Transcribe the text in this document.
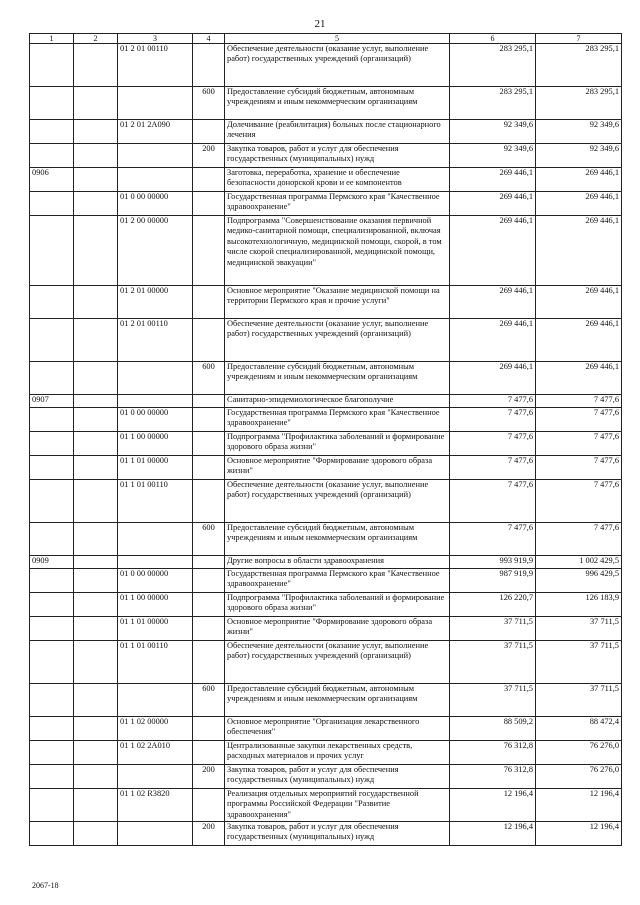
21
1	2	3	4	5	6	7
		01 2 01 00110		Обеспечение деятельности (оказание услуг, выполнение работ) государственных учреждений (организаций)	283 295,1	283 295,1
			600	Предоставление субсидий бюджетным, автономным учреждениям и иным некоммерческим организациям	283 295,1	283 295,1
		01 2 01 2А090		Долечивание (реабилитация) больных после стационарного лечения	92 349,6	92 349,6
			200	Закупка товаров, работ и услуг для обеспечения государственных (муниципальных) нужд	92 349,6	92 349,6
0906				Заготовка, переработка, хранение и обеспечение безопасности донорской крови и ее компонентов	269 446,1	269 446,1
		01 0 00 00000		Государственная программа Пермского края "Качественное здравоохранение"	269 446,1	269 446,1
		01 2 00 00000		Подпрограмма "Совершенствование оказания первичной медико-санитарной помощи, специализированной, включая высокотехнологичную, медицинской помощи, скорой, в том числе скорой специализированной, медицинской помощи, медицинской эвакуации"	269 446,1	269 446,1
		01 2 01 00000		Основное мероприятие "Оказание медицинской помощи на территории Пермского края и прочие услуги"	269 446,1	269 446,1
		01 2 01 00110		Обеспечение деятельности (оказание услуг, выполнение работ) государственных учреждений (организаций)	269 446,1	269 446,1
			600	Предоставление субсидий бюджетным, автономным учреждениям и иным некоммерческим организациям	269 446,1	269 446,1
0907				Санитарно-эпидемиологическое благополучие	7 477,6	7 477,6
		01 0 00 00000		Государственная программа Пермского края "Качественное здравоохранение"	7 477,6	7 477,6
		01 1 00 00000		Подпрограмма "Профилактика заболеваний и формирование здорового образа жизни"	7 477,6	7 477,6
		01 1 01 00000		Основное мероприятие "Формирование здорового образа жизни"	7 477,6	7 477,6
		01 1 01 00110		Обеспечение деятельности (оказание услуг, выполнение работ) государственных учреждений (организаций)	7 477,6	7 477,6
			600	Предоставление субсидий бюджетным, автономным учреждениям и иным некоммерческим организациям	7 477,6	7 477,6
0909				Другие вопросы в области здравоохранения	993 919,9	1 002 429,5
		01 0 00 00000		Государственная программа Пермского края "Качественное здравоохранение"	987 919,9	996 429,5
		01 1 00 00000		Подпрограмма "Профилактика заболеваний и формирование здорового образа жизни"	126 220,7	126 183,9
		01 1 01 00000		Основное мероприятие "Формирование здорового образа жизни"	37 711,5	37 711,5
		01 1 01 00110		Обеспечение деятельности (оказание услуг, выполнение работ) государственных учреждений (организаций)	37 711,5	37 711,5
			600	Предоставление субсидий бюджетным, автономным учреждениям и иным некоммерческим организациям	37 711,5	37 711,5
		01 1 02 00000		Основное мероприятие "Организация лекарственного обеспечения"	88 509,2	88 472,4
		01 1 02 2А010		Централизованные закупки лекарственных средств, расходных материалов и прочих услуг	76 312,8	76 276,0
			200	Закупка товаров, работ и услуг для обеспечения государственных (муниципальных) нужд	76 312,8	76 276,0
		01 1 02 R3820		Реализация отдельных мероприятий государственной программы Российской Федерации "Развитие здравоохранения"	12 196,4	12 196,4
			200	Закупка товаров, работ и услуг для обеспечения государственных (муниципальных) нужд	12 196,4	12 196,4
2067-18
